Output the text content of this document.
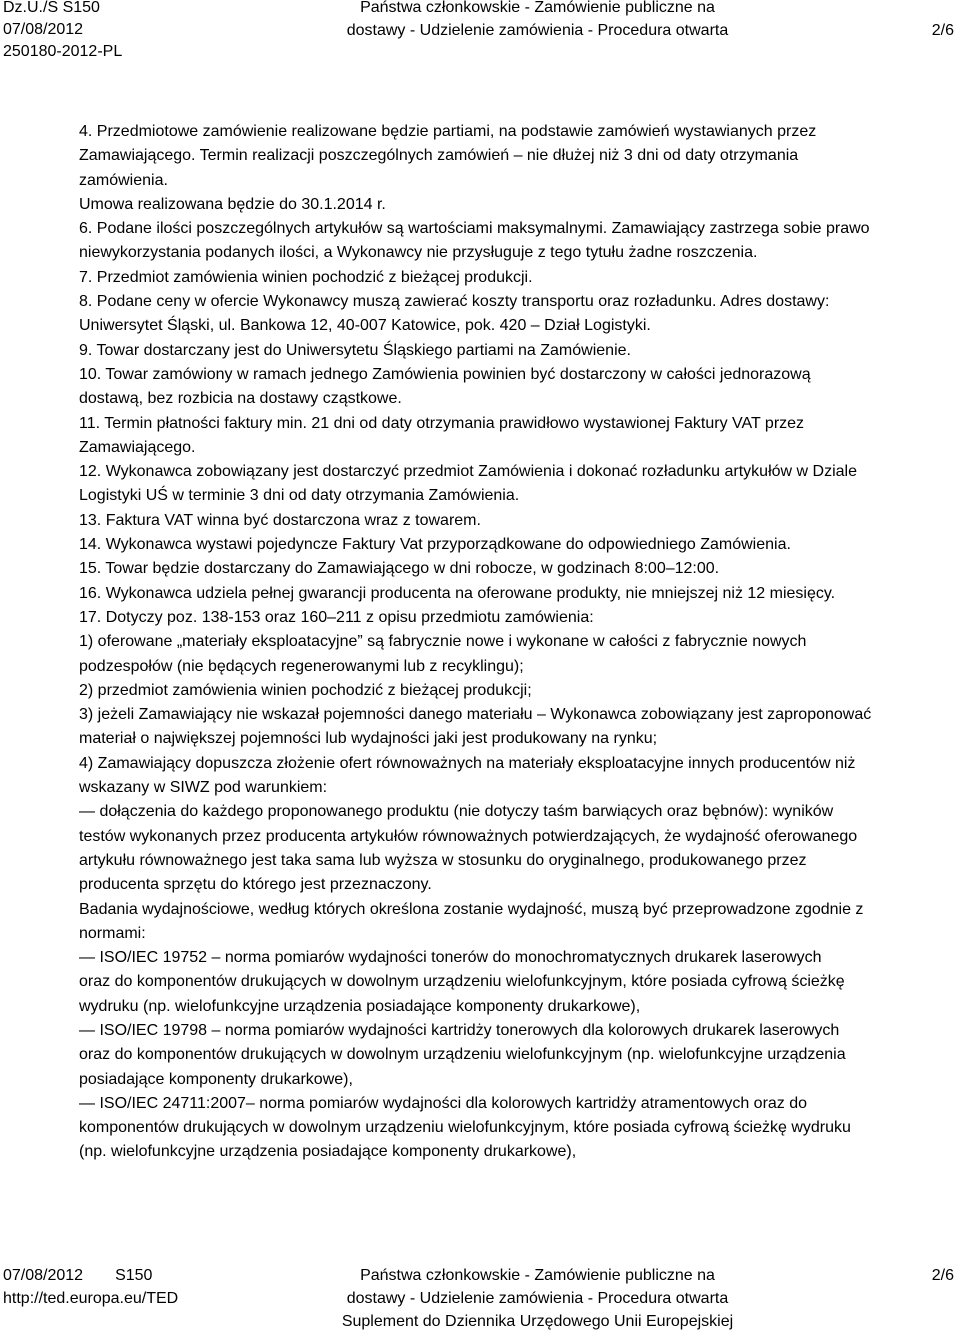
Dz.U./S S150
07/08/2012
250180-2012-PL
Państwa członkowskie - Zamówienie publiczne na
dostawy - Udzielenie zamówienia - Procedura otwarta	2/6
4. Przedmiotowe zamówienie realizowane będzie partiami, na podstawie zamówień wystawianych przez
Zamawiającego. Termin realizacji poszczególnych zamówień – nie dłużej niż 3 dni od daty otrzymania
zamówienia.
Umowa realizowana będzie do 30.1.2014 r.
6. Podane ilości poszczególnych artykułów są wartościami maksymalnymi. Zamawiający zastrzega sobie prawo
niewykorzystania podanych ilości, a Wykonawcy nie przysługuje z tego tytułu żadne roszczenia.
7. Przedmiot zamówienia winien pochodzić z bieżącej produkcji.
8. Podane ceny w ofercie Wykonawcy muszą zawierać koszty transportu oraz rozładunku. Adres dostawy:
Uniwersytet Śląski, ul. Bankowa 12, 40-007 Katowice, pok. 420 – Dział Logistyki.
9. Towar dostarczany jest do Uniwersytetu Śląskiego partiami na Zamówienie.
10. Towar zamówiony w ramach jednego Zamówienia powinien być dostarczony w całości jednorazową
dostawą, bez rozbicia na dostawy cząstkowe.
11. Termin płatności faktury min. 21 dni od daty otrzymania prawidłowo wystawionej Faktury VAT przez
Zamawiającego.
12. Wykonawca zobowiązany jest dostarczyć przedmiot Zamówienia i dokonać rozładunku artykułów w Dziale
Logistyki UŚ w terminie 3 dni od daty otrzymania Zamówienia.
13. Faktura VAT winna być dostarczona wraz z towarem.
14. Wykonawca wystawi pojedyncze Faktury Vat przyporządkowane do odpowiedniego Zamówienia.
15. Towar będzie dostarczany do Zamawiającego w dni robocze, w godzinach 8:00–12:00.
16. Wykonawca udziela pełnej gwarancji producenta na oferowane produkty, nie mniejszej niż 12 miesięcy.
17. Dotyczy poz. 138-153 oraz 160–211 z opisu przedmiotu zamówienia:
1) oferowane „materiały eksploatacyjne” są fabrycznie nowe i wykonane w całości z fabrycznie nowych
podzespołów (nie będących regenerowanymi lub z recyklingu);
2) przedmiot zamówienia winien pochodzić z bieżącej produkcji;
3) jeżeli Zamawiający nie wskazał pojemności danego materiału – Wykonawca zobowiązany jest zaproponować
materiał o największej pojemności lub wydajności jaki jest produkowany na rynku;
4) Zamawiający dopuszcza złożenie ofert równoważnych na materiały eksploatacyjne innych producentów niż
wskazany w SIWZ pod warunkiem:
— dołączenia do każdego proponowanego produktu (nie dotyczy taśm barwiących oraz bębnów): wyników
testów wykonanych przez producenta artykułów równoważnych potwierdzających, że wydajność oferowanego
artykułu równoważnego jest taka sama lub wyższa w stosunku do oryginalnego, produkowanego przez
producenta sprzętu do którego jest przeznaczony.
Badania wydajnościowe, według których określona zostanie wydajność, muszą być przeprowadzone zgodnie z
normami:
— ISO/IEC 19752 – norma pomiarów wydajności tonerów do monochromatycznych drukarek laserowych
oraz do komponentów drukujących w dowolnym urządzeniu wielofunkcyjnym, które posiada cyfrową ścieżkę
wydruku (np. wielofunkcyjne urządzenia posiadające komponenty drukarkowe),
— ISO/IEC 19798 – norma pomiarów wydajności kartridży tonerowych dla kolorowych drukarek laserowych
oraz do komponentów drukujących w dowolnym urządzeniu wielofunkcyjnym (np. wielofunkcyjne urządzenia
posiadające komponenty drukarkowe),
— ISO/IEC 24711:2007– norma pomiarów wydajności dla kolorowych kartridży atramentowych oraz do
komponentów drukujących w dowolnym urządzeniu wielofunkcyjnym, które posiada cyfrową ścieżkę wydruku
(np. wielofunkcyjne urządzenia posiadające komponenty drukarkowe),
07/08/2012 S150
http://ted.europa.eu/TED
Państwa członkowskie - Zamówienie publiczne na
dostawy - Udzielenie zamówienia - Procedura otwarta
Suplement do Dziennika Urzędowego Unii Europejskiej
2/6
